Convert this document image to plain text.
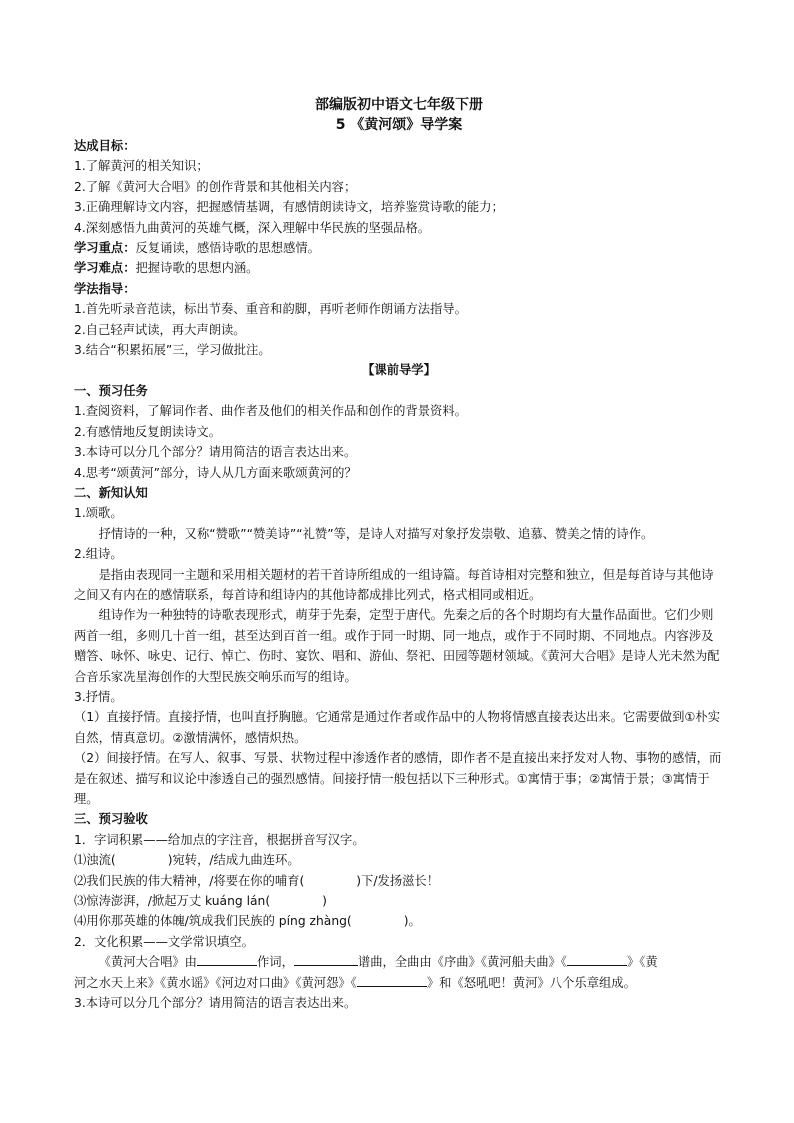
部编版初中语文七年级下册
5 《黄河颂》导学案
达成目标：
1.了解黄河的相关知识；
2.了解《黄河大合唱》的创作背景和其他相关内容；
3.正确理解诗文内容，把握感情基调，有感情朗读诗文，培养鉴赏诗歌的能力；
4.深刻感悟九曲黄河的英雄气概，深入理解中华民族的坚强品格。
学习重点：反复诵读，感悟诗歌的思想感情。
学习难点：把握诗歌的思想内涵。
学法指导：
1.首先听录音范读，标出节奏、重音和韵脚，再听老师作朗诵方法指导。
2.自己轻声试读，再大声朗读。
3.结合“积累拓展”三，学习做批注。
【课前导学】
一、预习任务
1.查阅资料，了解词作者、曲作者及他们的相关作品和创作的背景资料。
2.有感情地反复朗读诗文。
3.本诗可以分几个部分？请用简洁的语言表达出来。
4.思考“颂黄河”部分，诗人从几方面来歌颂黄河的？
二、新知认知
1.颂歌。
抒情诗的一种，又称“赞歌”“赞美诗”“礼赞”等，是诗人对描写对象抒发崇敬、追慕、赞美之情的诗作。
2.组诗。
是指由表现同一主题和采用相关题材的若干首诗所组成的一组诗篇。每首诗相对完整和独立，但是每首诗与其他诗之间又有内在的感情联系，每首诗和组诗内的其他诗都成排比列式，格式相同或相近。
组诗作为一种独特的诗歌表现形式，萌芽于先秦，定型于唐代。先秦之后的各个时期均有大量作品面世。它们少则两首一组，多则几十首一组，甚至达到百首一组。或作于同一时期、同一地点，或作于不同时期、不同地点。内容涉及赠答、咏怀、咏史、记行、悼亡、伤时、宴饮、唱和、游仙、祭祀、田园等题材领域。《黄河大合唱》是诗人光未然为配合音乐家冼星海创作的大型民族交响乐而写的组诗。
3.抒情。
（1）直接抒情。直接抒情，也叫直抒胸臆。它通常是通过作者或作品中的人物将情感直接表达出来。它需要做到①朴实自然，情真意切。②激情满怀，感情炽热。
（2）间接抒情。在写人、叙事、写景、状物过程中渗透作者的感情，即作者不是直接出来抒发对人物、事物的感情，而是在叙述、描写和议论中渗透自己的强烈感情。间接抒情一般包括以下三种形式。①寓情于事；②寓情于景；③寓情于理。
三、预习验收
1．字词积累——给加点的字注音，根据拼音写汉字。
⑴浊流(	)宛转，/结成九曲连环。
⑵我们民族的伟大精神，/将要在你的哺育(	)下/发扬滋长！
⑶惊涛澎湃，/掀起万丈 kuáng lán(	)
⑷用你那英雄的体魄/筑成我们民族的 píng zhàng(	)。
2．文化积累——文学常识填空。
《黄河大合唱》由	作词，	谱曲，全曲由《序曲》《黄河船夫曲》《	》《黄
河之水天上来》《黄水谣》《河边对口曲》《黄河怨》《	》和《怒吼吧！黄河》八个乐章组成。
3.本诗可以分几个部分？请用简洁的语言表达出来。
